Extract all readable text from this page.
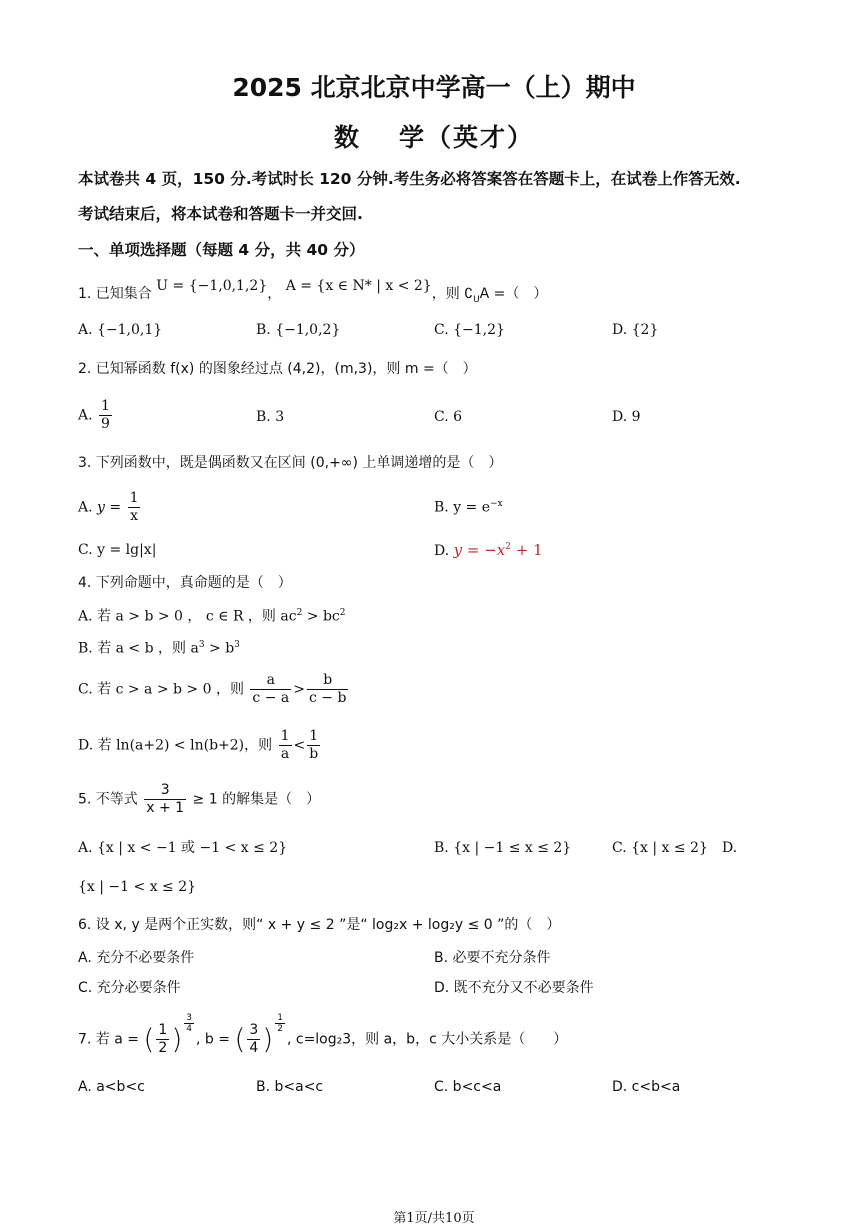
2025 北京北京中学高一（上）期中
数 学（英才）
本试卷共 4 页，150 分.考试时长 120 分钟.考生务必将答案答在答题卡上，在试卷上作答无效.
考试结束后，将本试卷和答题卡一并交回.
一、单项选择题（每题 4 分，共 40 分）
1. 已知集合 U = {−1,0,1,2}， A = {x ∈ N* | x < 2}，则 $∁_UA$ =（　）
A. {−1,0,1}	B. {−1,0,2}	C. {−1,2}	D. {2}
2. 已知幂函数 f(x) 的图象经过点 (4,2)，(m,3)，则 m =（　）
A. $\frac{1}{9}$	B. 3	C. 6	D. 9
3. 下列函数中，既是偶函数又在区间 (0,+∞) 上单调递增的是（　）
A. $y = \frac{1}{x}$	B. $y = e^{-x}$
C. y = lg|x|	D. $y = -x^2 + 1$
4. 下列命题中，真命题的是（　）
A. 若 a > b > 0 ， c ∈ R ，则 $ac^2 > bc^2$
B. 若 a < b ，则 $a^3 > b^3$
C. 若 c > a > b > 0 ，则 $\frac{a}{c - a} > \frac{b}{c - b}$
D. 若 ln(a+2) < ln(b+2)，则 $\frac{1}{a} < \frac{1}{b}$
5. 不等式 $\frac{3}{x + 1} \ge 1$ 的解集是（　）
A. {x | x < −1 或 −1 < x ≤ 2}	B. {x | −1 ≤ x ≤ 2}	C. {x | x ≤ 2} D.
{x | −1 < x ≤ 2}
6. 设 x, y 是两个正实数，则“ x + y ≤ 2 ”是“ log₂x + log₂y ≤ 0 ”的（　）
A. 充分不必要条件	B. 必要不充分条件
C. 充分必要条件	D. 既不充分又不必要条件
7. 若 a = ( $\frac{1}{2}$ ) $\frac{3}{4}$
, b = ( $\frac{3}{4}$ ) $\frac{1}{2}$
, c=log₂3，则 a，b，c 大小关系是（　　）
A. a<b<c	B. b<a<c	C. b<c<a	D. c<b<a
第1页/共10页
